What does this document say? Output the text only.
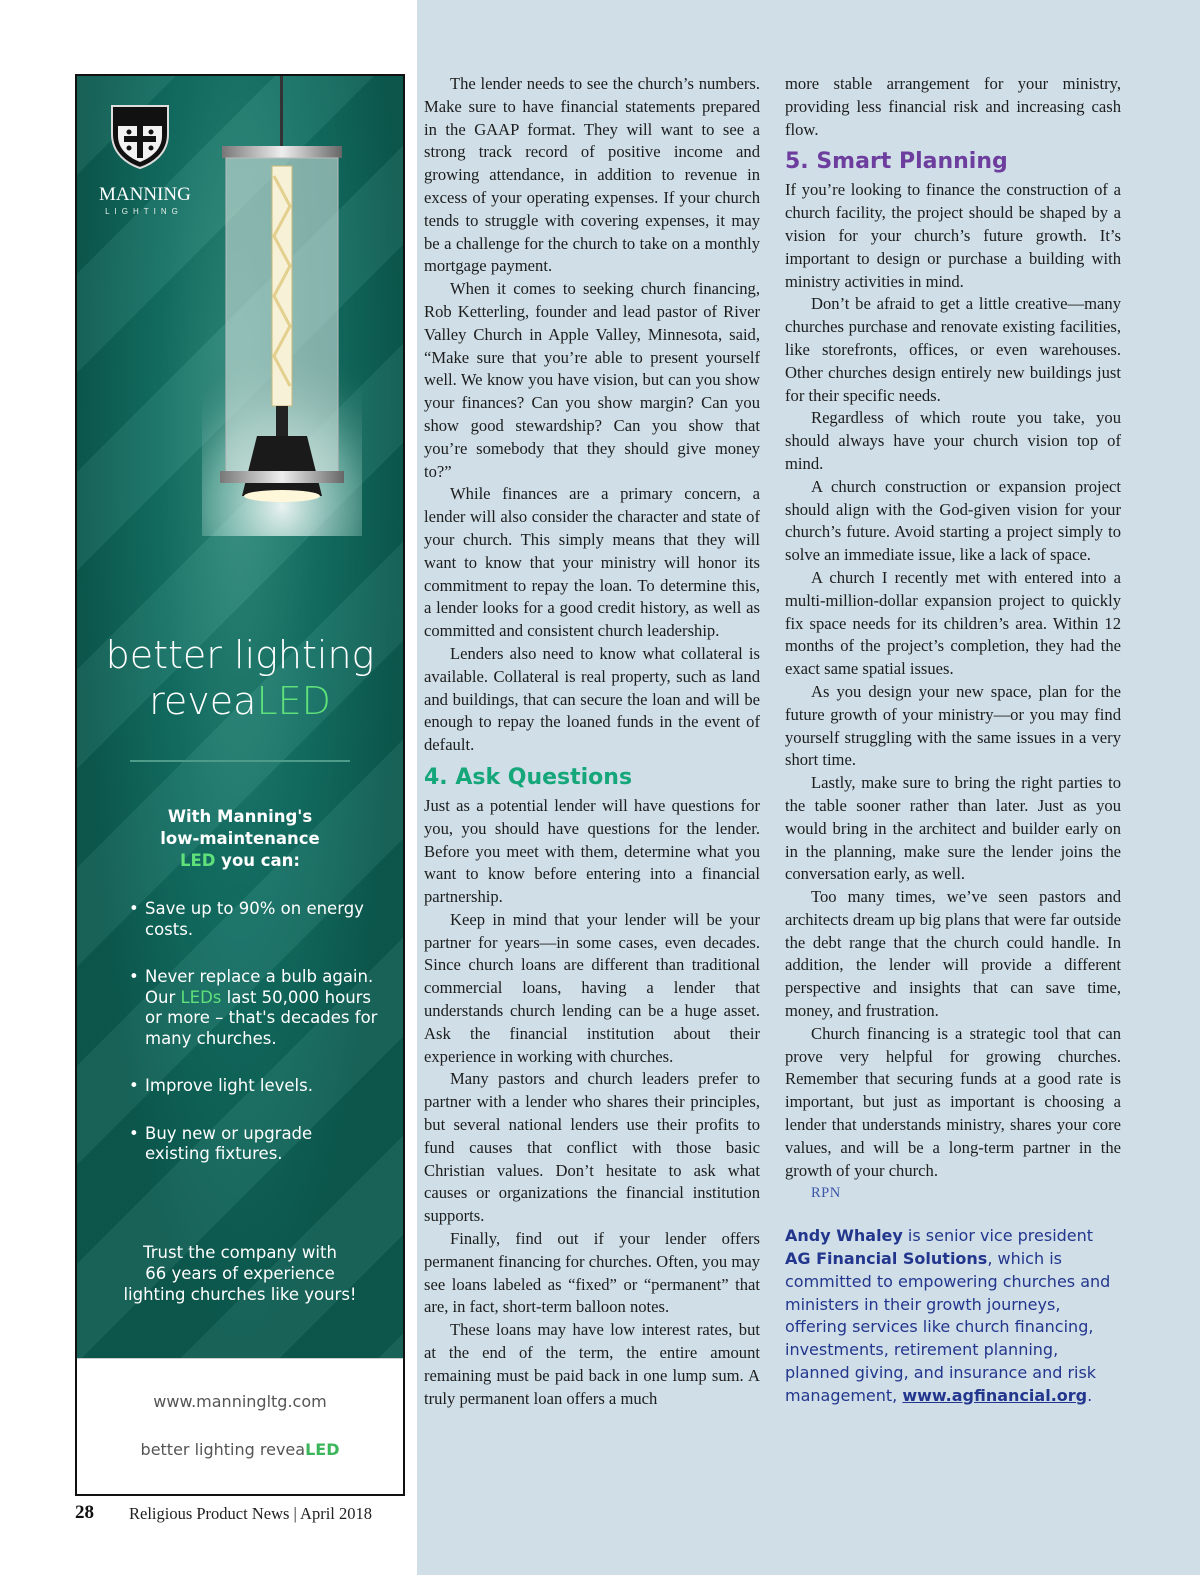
MANNING
LIGHTING
better lighting
reveaLED
With Manning's
low-maintenance
LED you can:
• Save up to 90% on energy costs.
• Never replace a bulb again. Our LEDs last 50,000 hours or more – that's decades for many churches.
• Improve light levels.
• Buy new or upgrade existing fixtures.
Trust the company with
66 years of experience
lighting churches like yours!
www.manningltg.com
better lighting reveaLED
28 Religious Product News | April 2018

The lender needs to see the church’s numbers. Make sure to have financial statements prepared in the GAAP format. They will want to see a strong track record of positive income and growing attendance, in addition to revenue in excess of your operating expenses. If your church tends to struggle with covering expenses, it may be a challenge for the church to take on a monthly mortgage payment.

When it comes to seeking church financing, Rob Ketterling, founder and lead pastor of River Valley Church in Apple Valley, Minnesota, said, “Make sure that you’re able to present yourself well. We know you have vision, but can you show your finances? Can you show margin? Can you show good stewardship? Can you show that you’re somebody that they should give money to?”

While finances are a primary concern, a lender will also consider the character and state of your church. This simply means that they will want to know that your ministry will honor its commitment to repay the loan. To determine this, a lender looks for a good credit history, as well as committed and consistent church leadership.

Lenders also need to know what collateral is available. Collateral is real property, such as land and buildings, that can secure the loan and will be enough to repay the loaned funds in the event of default.

4. Ask Questions

Just as a potential lender will have questions for you, you should have questions for the lender. Before you meet with them, determine what you want to know before entering into a financial partnership.

Keep in mind that your lender will be your partner for years—in some cases, even decades. Since church loans are different than traditional commercial loans, having a lender that understands church lending can be a huge asset. Ask the financial institution about their experience in working with churches.

Many pastors and church leaders prefer to partner with a lender who shares their principles, but several national lenders use their profits to fund causes that conflict with those basic Christian values. Don’t hesitate to ask what causes or organizations the financial institution supports.

Finally, find out if your lender offers permanent financing for churches. Often, you may see loans labeled as “fixed” or “permanent” that are, in fact, short-term balloon notes.

These loans may have low interest rates, but at the end of the term, the entire amount remaining must be paid back in one lump sum. A truly permanent loan offers a much

more stable arrangement for your ministry, providing less financial risk and increasing cash flow.

5. Smart Planning

If you’re looking to finance the construction of a church facility, the project should be shaped by a vision for your church’s future growth. It’s important to design or purchase a building with ministry activities in mind.

Don’t be afraid to get a little creative—many churches purchase and renovate existing facilities, like storefronts, offices, or even warehouses. Other churches design entirely new buildings just for their specific needs.

Regardless of which route you take, you should always have your church vision top of mind.

A church construction or expansion project should align with the God-given vision for your church’s future. Avoid starting a project simply to solve an immediate issue, like a lack of space.

A church I recently met with entered into a multi-million-dollar expansion project to quickly fix space needs for its children’s area. Within 12 months of the project’s completion, they had the exact same spatial issues.

As you design your new space, plan for the future growth of your ministry—or you may find yourself struggling with the same issues in a very short time.

Lastly, make sure to bring the right parties to the table sooner rather than later. Just as you would bring in the architect and builder early on in the planning, make sure the lender joins the conversation early, as well.

Too many times, we’ve seen pastors and architects dream up big plans that were far outside the debt range that the church could handle. In addition, the lender will provide a different perspective and insights that can save time, money, and frustration.

Church financing is a strategic tool that can prove very helpful for growing churches. Remember that securing funds at a good rate is important, but just as important is choosing a lender that understands ministry, shares your core values, and will be a long-term partner in the growth of your church.

RPN

Andy Whaley is senior vice president AG Financial Solutions, which is committed to empowering churches and ministers in their growth journeys, offering services like church financing, investments, retirement planning, planned giving, and insurance and risk management, www.agfinancial.org.
